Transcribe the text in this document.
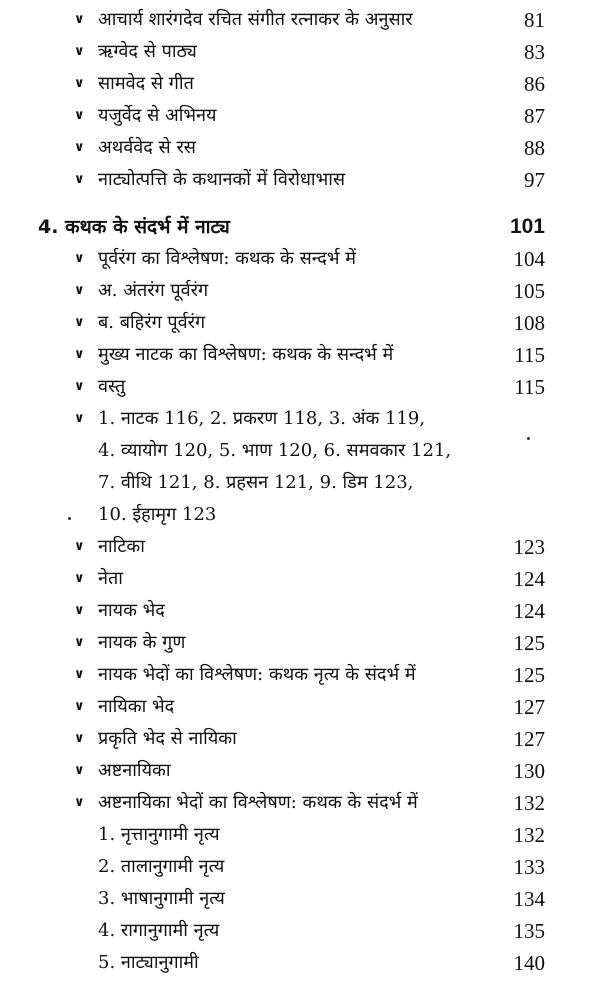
∨ आचार्य शारंगदेव रचित संगीत रत्नाकर के अनुसार	81
∨ ऋग्वेद से पाठ्य	83
∨ सामवेद से गीत	86
∨ यजुर्वेद से अभिनय	87
∨ अथर्ववेद से रस	88
∨ नाट्योत्पत्ति के कथानकों में विरोधाभास	97
4. कथक के संदर्भ में नाट्य	101
∨ पूर्वरंग का विश्लेषण: कथक के सन्दर्भ में	104
∨ अ. अंतरंग पूर्वरंग	105
∨ ब. बहिरंग पूर्वरंग	108
∨ मुख्य नाटक का विश्लेषण: कथक के सन्दर्भ में	115
∨ वस्तु	115
∨ 1. नाटक 116, 2. प्रकरण 118, 3. अंक 119,
4. व्यायोग 120, 5. भाण 120, 6. समवकार 121,
7. वीथि 121, 8. प्रहसन 121, 9. डिम 123,
10. ईहामृग 123
∨ नाटिका	123
∨ नेता	124
∨ नायक भेद	124
∨ नायक के गुण	125
∨ नायक भेदों का विश्लेषण: कथक नृत्य के संदर्भ में	125
∨ नायिका भेद	127
∨ प्रकृति भेद से नायिका	127
∨ अष्टनायिका	130
∨ अष्टनायिका भेदों का विश्लेषण: कथक के संदर्भ में	132
1. नृत्तानुगामी नृत्य	132
2. तालानुगामी नृत्य	133
3. भाषानुगामी नृत्य	134
4. रागानुगामी नृत्य	135
5. नाट्यानुगामी	140
